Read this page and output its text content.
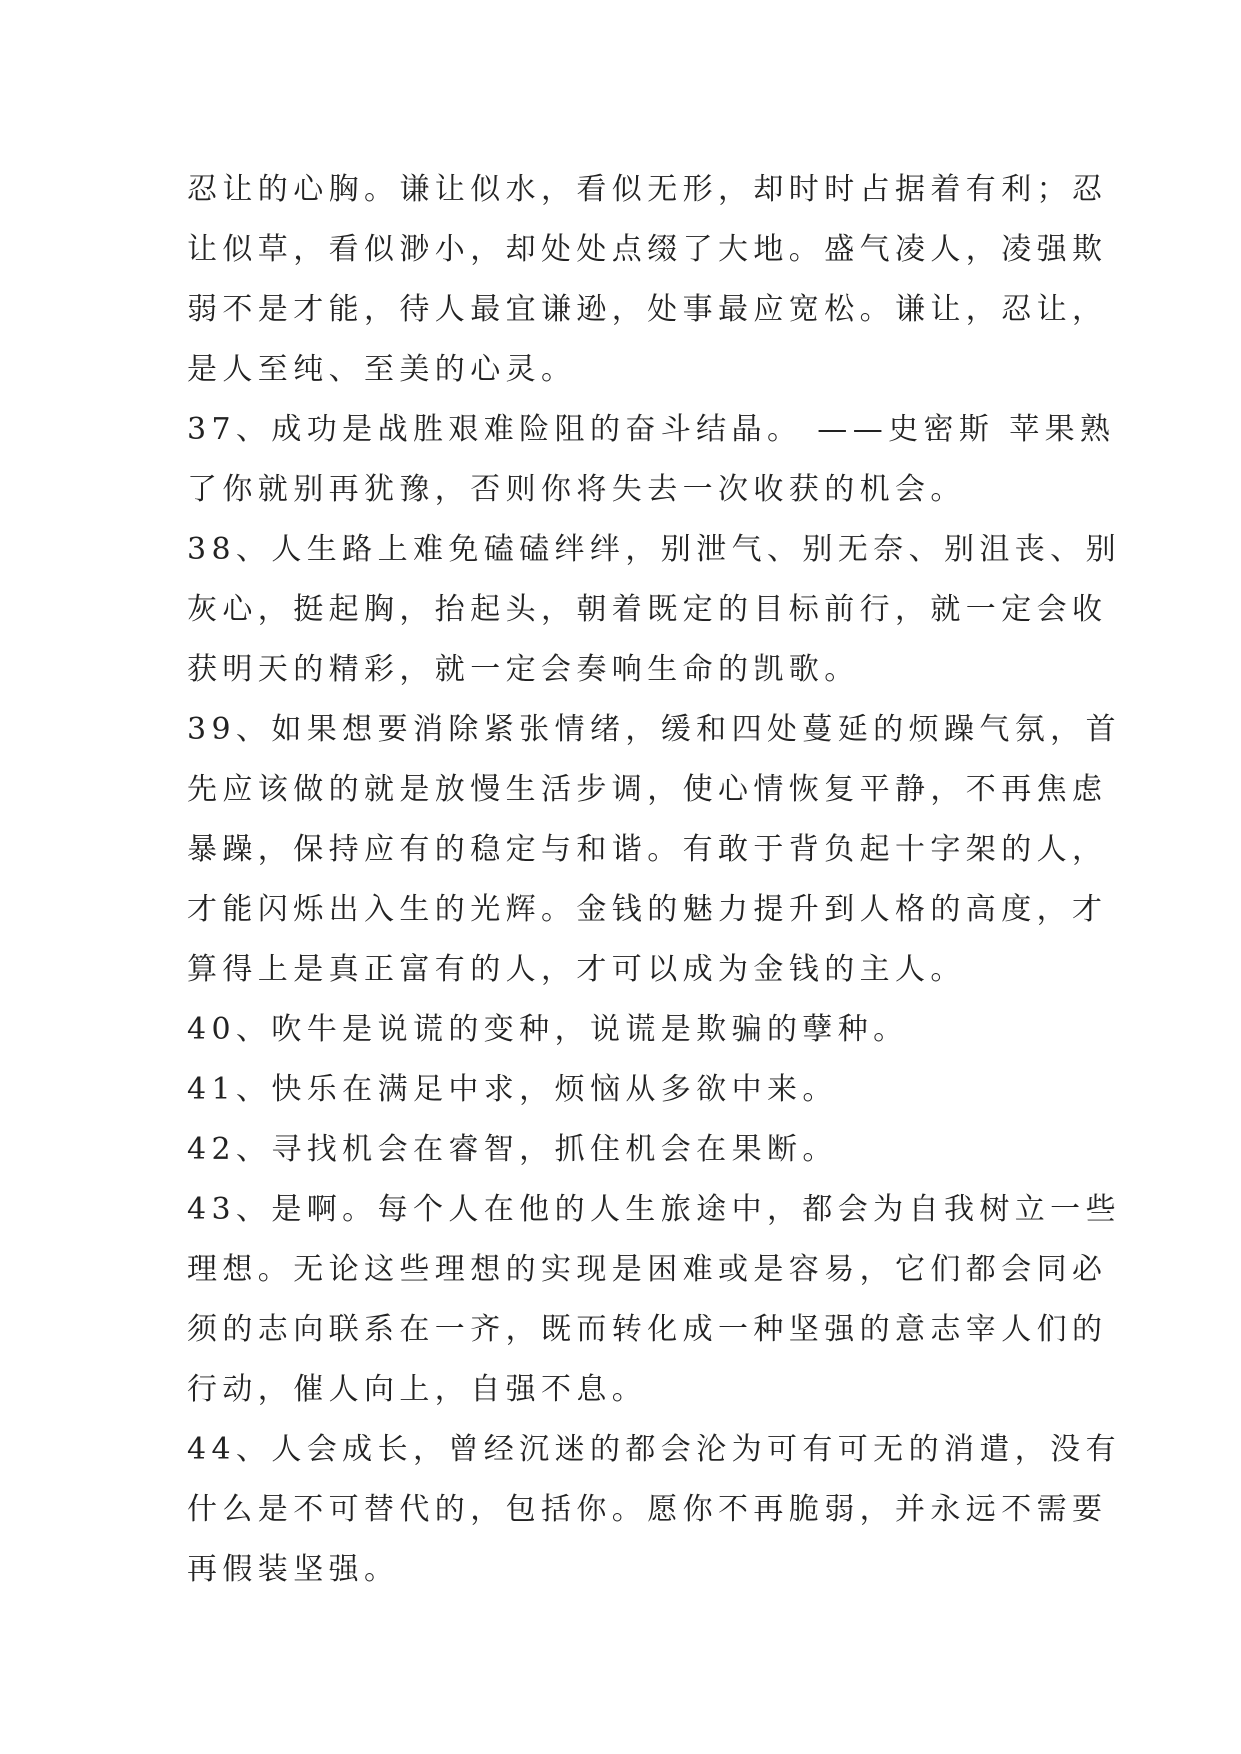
忍让的心胸。谦让似水，看似无形，却时时占据着有利；忍
让似草，看似渺小，却处处点缀了大地。盛气凌人，凌强欺
弱不是才能，待人最宜谦逊，处事最应宽松。谦让，忍让，
是人至纯、至美的心灵。
37、成功是战胜艰难险阻的奋斗结晶。 ——史密斯 苹果熟
了你就别再犹豫，否则你将失去一次收获的机会。
38、人生路上难免磕磕绊绊，别泄气、别无奈、别沮丧、别
灰心，挺起胸，抬起头，朝着既定的目标前行，就一定会收
获明天的精彩，就一定会奏响生命的凯歌。
39、如果想要消除紧张情绪，缓和四处蔓延的烦躁气氛，首
先应该做的就是放慢生活步调，使心情恢复平静，不再焦虑
暴躁，保持应有的稳定与和谐。有敢于背负起十字架的人，
才能闪烁出入生的光辉。金钱的魅力提升到人格的高度，才
算得上是真正富有的人，才可以成为金钱的主人。
40、吹牛是说谎的变种，说谎是欺骗的孽种。
41、快乐在满足中求，烦恼从多欲中来。
42、寻找机会在睿智，抓住机会在果断。
43、是啊。每个人在他的人生旅途中，都会为自我树立一些
理想。无论这些理想的实现是困难或是容易，它们都会同必
须的志向联系在一齐，既而转化成一种坚强的意志宰人们的
行动，催人向上，自强不息。
44、人会成长，曾经沉迷的都会沦为可有可无的消遣，没有
什么是不可替代的，包括你。愿你不再脆弱，并永远不需要
再假装坚强。
